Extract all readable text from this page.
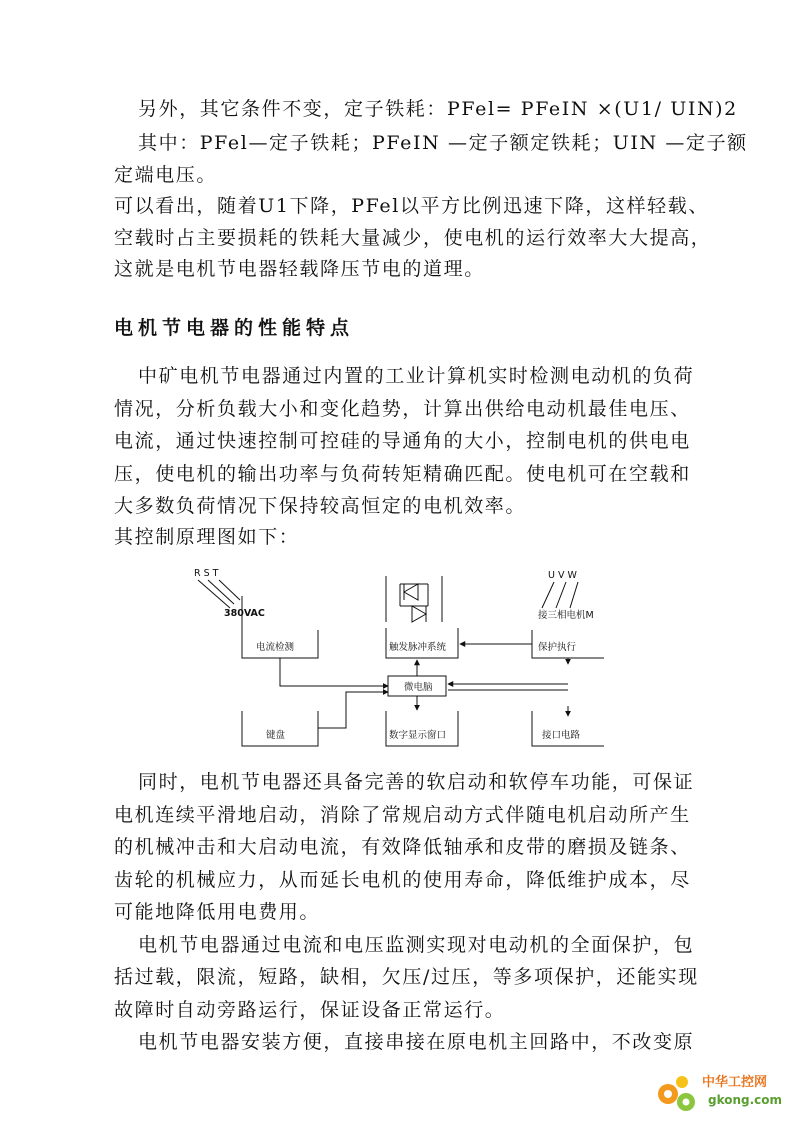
另外，其它条件不变，定子铁耗：PFel= PFeIN ×(U1/ UIN)2
其中：PFel—定子铁耗；PFeIN —定子额定铁耗；UIN —定子额
定端电压。
可以看出，随着U1下降，PFel以平方比例迅速下降，这样轻载、
空载时占主要损耗的铁耗大量减少，使电机的运行效率大大提高，
这就是电机节电器轻载降压节电的道理。
电机节电器的性能特点
中矿电机节电器通过内置的工业计算机实时检测电动机的负荷
情况，分析负载大小和变化趋势，计算出供给电动机最佳电压、
电流，通过快速控制可控硅的导通角的大小，控制电机的供电电
压，使电机的输出功率与负荷转矩精确匹配。使电机可在空载和
大多数负荷情况下保持较高恒定的电机效率。
其控制原理图如下：
R S T
380VAC
U V W
接三相电机M
电流检测	触发脉冲系统	保护执行
微电脑
键盘	数字显示窗口	接口电路
同时，电机节电器还具备完善的软启动和软停车功能，可保证
电机连续平滑地启动，消除了常规启动方式伴随电机启动所产生
的机械冲击和大启动电流，有效降低轴承和皮带的磨损及链条、
齿轮的机械应力，从而延长电机的使用寿命，降低维护成本，尽
可能地降低用电费用。
电机节电器通过电流和电压监测实现对电动机的全面保护，包
括过载，限流，短路，缺相，欠压/过压，等多项保护，还能实现
故障时自动旁路运行，保证设备正常运行。
电机节电器安装方便，直接串接在原电机主回路中，不改变原
中华工控网
gkong.com
